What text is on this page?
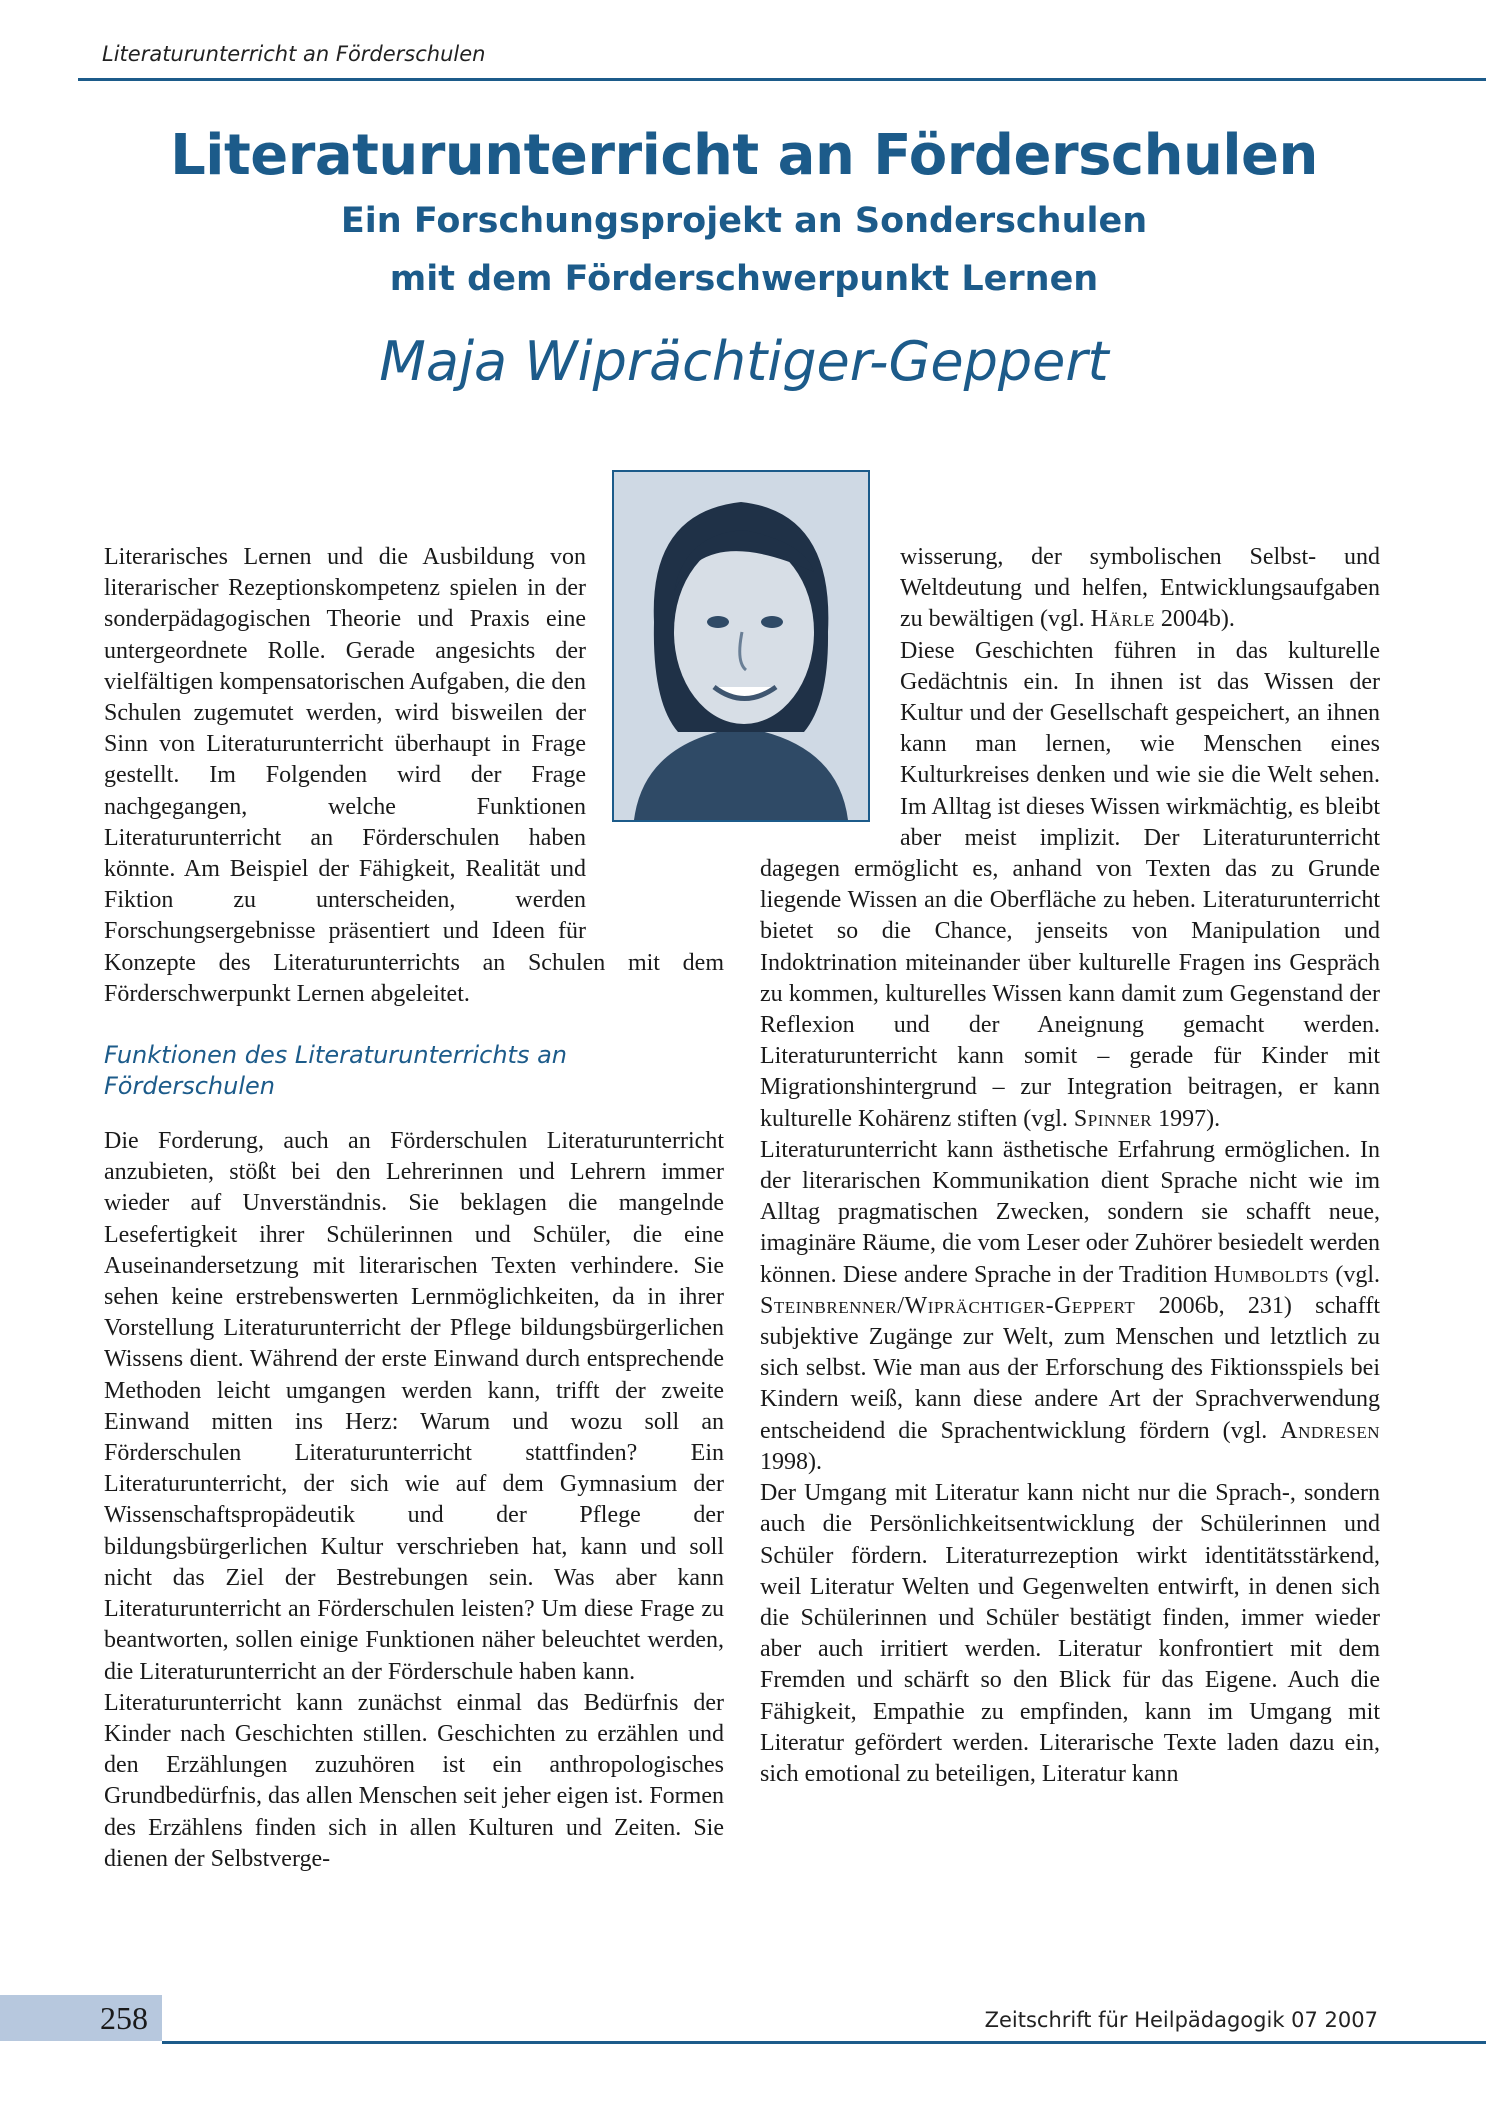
Literaturunterricht an Förderschulen
Literaturunterricht an Förderschulen

Ein Forschungsprojekt an Sonderschulen

mit dem Förderschwerpunkt Lernen

Maja Wiprächtiger-Geppert

Literarisches Lernen und die Ausbildung von literarischer Rezeptionskompetenz spielen in der sonderpädagogischen Theorie und Praxis eine untergeordnete Rolle. Gerade angesichts der vielfältigen kompensatorischen Aufgaben, die den Schulen zugemutet werden, wird bisweilen der Sinn von Literaturunterricht überhaupt in Frage gestellt. Im Folgenden wird der Frage nachgegangen, welche Funktionen Literaturunterricht an Förderschulen haben könnte. Am Beispiel der Fähigkeit, Realität und Fiktion zu unterscheiden, werden Forschungsergebnisse präsentiert und Ideen für Konzepte des Literaturunterrichts an Schulen mit dem Förderschwerpunkt Lernen abgeleitet.

Funktionen des Literaturunterrichts an Förderschulen

Die Forderung, auch an Förderschulen Literaturunterricht anzubieten, stößt bei den Lehrerinnen und Lehrern immer wieder auf Unverständnis. Sie beklagen die mangelnde Lesefertigkeit ihrer Schülerinnen und Schüler, die eine Auseinandersetzung mit literarischen Texten verhindere. Sie sehen keine erstrebenswerten Lernmöglichkeiten, da in ihrer Vorstellung Literaturunterricht der Pflege bildungsbürgerlichen Wissens dient. Während der erste Einwand durch entsprechende Methoden leicht umgangen werden kann, trifft der zweite Einwand mitten ins Herz: Warum und wozu soll an Förderschulen Literaturunterricht stattfinden? Ein Literaturunterricht, der sich wie auf dem Gymnasium der Wissenschaftspropädeutik und der Pflege der bildungsbürgerlichen Kultur verschrieben hat, kann und soll nicht das Ziel der Bestrebungen sein. Was aber kann Literaturunterricht an Förderschulen leisten? Um diese Frage zu beantworten, sollen einige Funktionen näher beleuchtet werden, die Literaturunterricht an der Förderschule haben kann.

Literaturunterricht kann zunächst einmal das Bedürfnis der Kinder nach Geschichten stillen. Geschichten zu erzählen und den Erzählungen zuzuhören ist ein anthropologisches Grundbedürfnis, das allen Menschen seit jeher eigen ist. Formen des Erzählens finden sich in allen Kulturen und Zeiten. Sie dienen der Selbstverge-

wisserung, der symbolischen Selbst- und Weltdeutung und helfen, Entwicklungsaufgaben zu bewältigen (vgl. Härle 2004b).

Diese Geschichten führen in das kulturelle Gedächtnis ein. In ihnen ist das Wissen der Kultur und der Gesellschaft gespeichert, an ihnen kann man lernen, wie Menschen eines Kulturkreises denken und wie sie die Welt sehen. Im Alltag ist dieses Wissen wirkmächtig, es bleibt aber meist implizit. Der Literaturunterricht dagegen ermöglicht es, anhand von Texten das zu Grunde liegende Wissen an die Oberfläche zu heben. Literaturunterricht bietet so die Chance, jenseits von Manipulation und Indoktrination miteinander über kulturelle Fragen ins Gespräch zu kommen, kulturelles Wissen kann damit zum Gegenstand der Reflexion und der Aneignung gemacht werden. Literaturunterricht kann somit – gerade für Kinder mit Migrationshintergrund – zur Integration beitragen, er kann kulturelle Kohärenz stiften (vgl. Spinner 1997).

Literaturunterricht kann ästhetische Erfahrung ermöglichen. In der literarischen Kommunikation dient Sprache nicht wie im Alltag pragmatischen Zwecken, sondern sie schafft neue, imaginäre Räume, die vom Leser oder Zuhörer besiedelt werden können. Diese andere Sprache in der Tradition Humboldts (vgl. Steinbrenner/Wiprächtiger-Geppert 2006b, 231) schafft subjektive Zugänge zur Welt, zum Menschen und letztlich zu sich selbst. Wie man aus der Erforschung des Fiktionsspiels bei Kindern weiß, kann diese andere Art der Sprachverwendung entscheidend die Sprachentwicklung fördern (vgl. Andresen 1998).

Der Umgang mit Literatur kann nicht nur die Sprach-, sondern auch die Persönlichkeitsentwicklung der Schülerinnen und Schüler fördern. Literaturrezeption wirkt identitätsstärkend, weil Literatur Welten und Gegenwelten entwirft, in denen sich die Schülerinnen und Schüler bestätigt finden, immer wieder aber auch irritiert werden. Literatur konfrontiert mit dem Fremden und schärft so den Blick für das Eigene. Auch die Fähigkeit, Empathie zu empfinden, kann im Umgang mit Literatur gefördert werden. Literarische Texte laden dazu ein, sich emotional zu beteiligen, Literatur kann

258	Zeitschrift für Heilpädagogik 07 2007
